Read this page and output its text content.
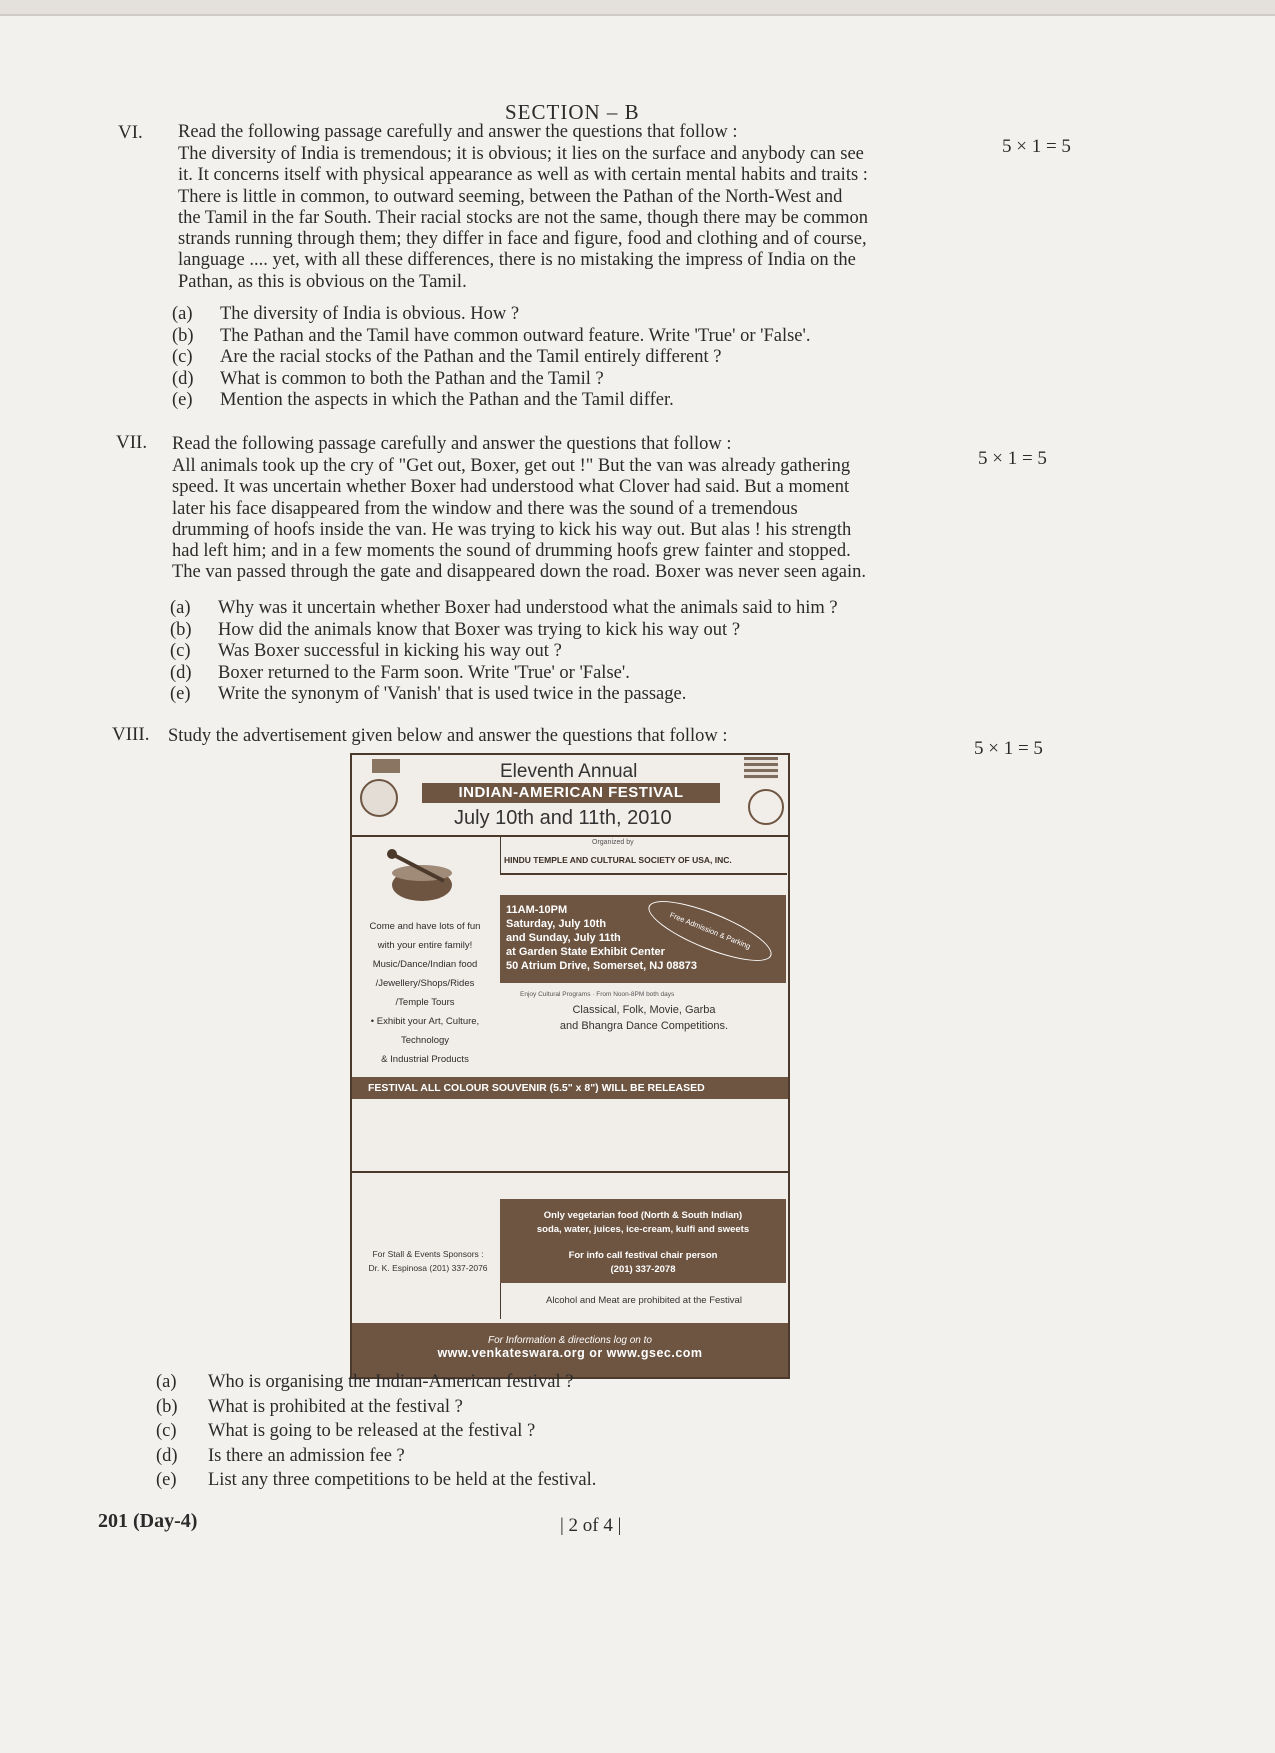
SECTION – B
VI. Read the following passage carefully and answer the questions that follow :
5 × 1 = 5
The diversity of India is tremendous; it is obvious; it lies on the surface and anybody can see
it. It concerns itself with physical appearance as well as with certain mental habits and traits :
There is little in common, to outward seeming, between the Pathan of the North-West and
the Tamil in the far South. Their racial stocks are not the same, though there may be common
strands running through them; they differ in face and figure, food and clothing and of course,
language .... yet, with all these differences, there is no mistaking the impress of India on the
Pathan, as this is obvious on the Tamil.
(a) The diversity of India is obvious. How ?
(b) The Pathan and the Tamil have common outward feature. Write 'True' or 'False'.
(c) Are the racial stocks of the Pathan and the Tamil entirely different ?
(d) What is common to both the Pathan and the Tamil ?
(e) Mention the aspects in which the Pathan and the Tamil differ.
VII. Read the following passage carefully and answer the questions that follow :
5 × 1 = 5
All animals took up the cry of "Get out, Boxer, get out !" But the van was already gathering
speed. It was uncertain whether Boxer had understood what Clover had said. But a moment
later his face disappeared from the window and there was the sound of a tremendous
drumming of hoofs inside the van. He was trying to kick his way out. But alas ! his strength
had left him; and in a few moments the sound of drumming hoofs grew fainter and stopped.
The van passed through the gate and disappeared down the road. Boxer was never seen again.
(a) Why was it uncertain whether Boxer had understood what the animals said to him ?
(b) How did the animals know that Boxer was trying to kick his way out ?
(c) Was Boxer successful in kicking his way out ?
(d) Boxer returned to the Farm soon. Write 'True' or 'False'.
(e) Write the synonym of 'Vanish' that is used twice in the passage.
VIII. Study the advertisement given below and answer the questions that follow :
5 × 1 = 5
Eleventh Annual
INDIAN-AMERICAN FESTIVAL
July 10th and 11th, 2010
Organized by
HINDU TEMPLE AND CULTURAL SOCIETY OF USA, INC.
Come and have lots of fun
with your entire family!
Music/Dance/Indian food
/Jewellery/Shops/Rides
/Temple Tours
• Exhibit your Art, Culture,
Technology
& Industrial Products
11AM-10PM
Saturday, July 10th
and Sunday, July 11th
at Garden State Exhibit Center
50 Atrium Drive, Somerset, NJ 08873
Free Admission & Parking
Enjoy Cultural Programs · From Noon-8PM both days
Classical, Folk, Movie, Garba
and Bhangra Dance Competitions.
FESTIVAL ALL COLOUR SOUVENIR (5.5" x 8") WILL BE RELEASED
For Stall & Events Sponsors :
Dr. K. Espinosa (201) 337-2076
Only vegetarian food (North & South Indian)
soda, water, juices, ice-cream, kulfi and sweets
For info call festival chair person
(201) 337-2078
Alcohol and Meat are prohibited at the Festival
For Information & directions log on to
www.venkateswara.org or www.gsec.com
(a) Who is organising the Indian-American festival ?
(b) What is prohibited at the festival ?
(c) What is going to be released at the festival ?
(d) Is there an admission fee ?
(e) List any three competitions to be held at the festival.
201 (Day-4)	| 2 of 4 |
